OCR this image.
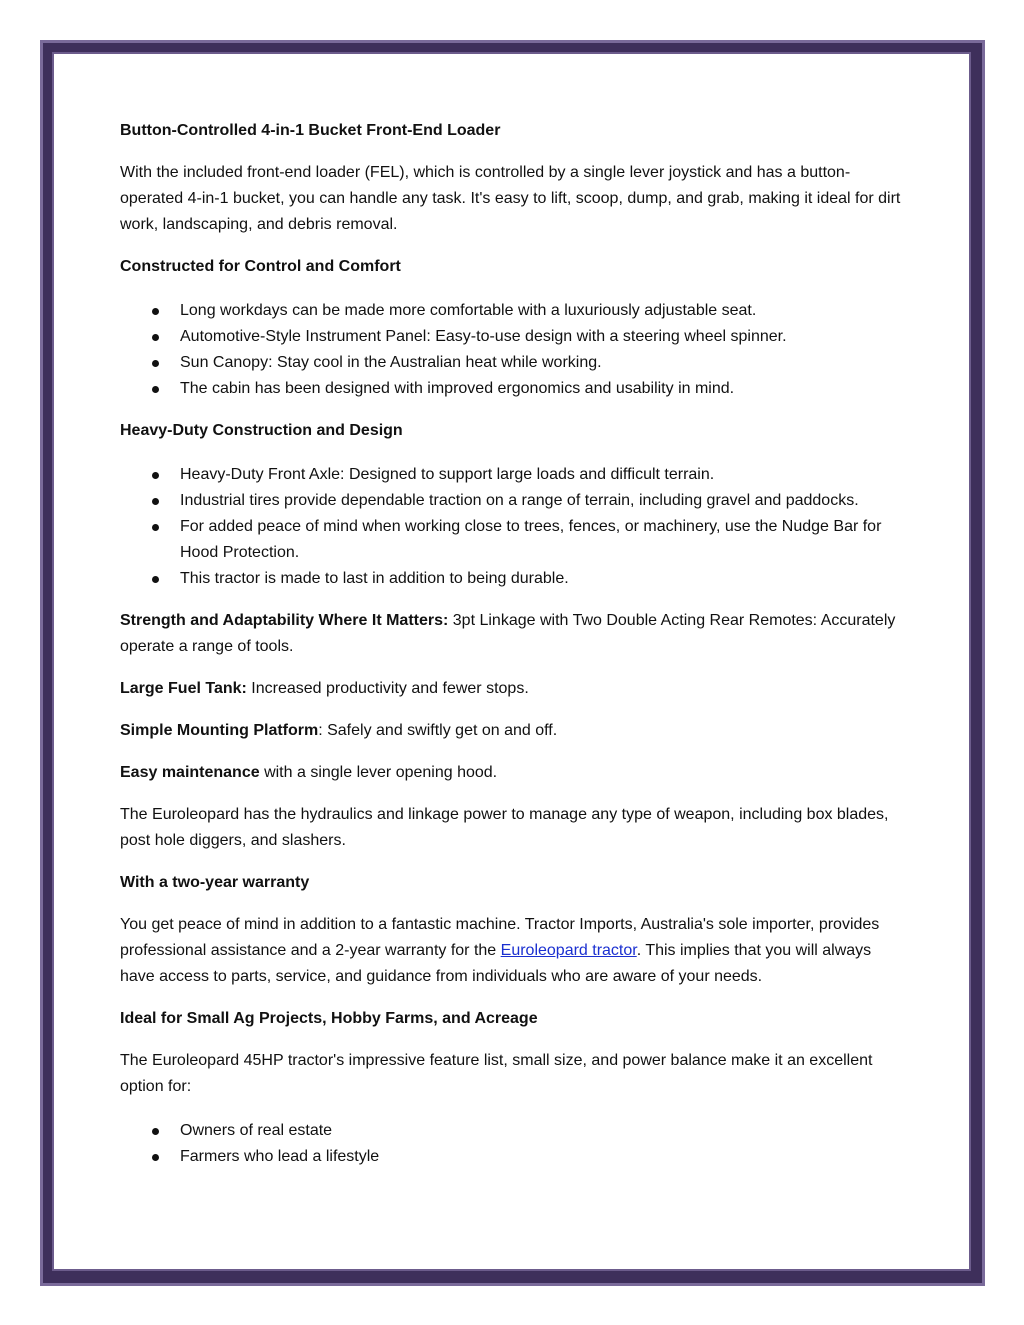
Button-Controlled 4-in-1 Bucket Front-End Loader

With the included front-end loader (FEL), which is controlled by a single lever joystick and has a button-operated 4-in-1 bucket, you can handle any task. It's easy to lift, scoop, dump, and grab, making it ideal for dirt work, landscaping, and debris removal.

Constructed for Control and Comfort

Long workdays can be made more comfortable with a luxuriously adjustable seat.
Automotive-Style Instrument Panel: Easy-to-use design with a steering wheel spinner.
Sun Canopy: Stay cool in the Australian heat while working.
The cabin has been designed with improved ergonomics and usability in mind.

Heavy-Duty Construction and Design

Heavy-Duty Front Axle: Designed to support large loads and difficult terrain.
Industrial tires provide dependable traction on a range of terrain, including gravel and paddocks.
For added peace of mind when working close to trees, fences, or machinery, use the Nudge Bar for Hood Protection.
This tractor is made to last in addition to being durable.

Strength and Adaptability Where It Matters: 3pt Linkage with Two Double Acting Rear Remotes: Accurately operate a range of tools.

Large Fuel Tank: Increased productivity and fewer stops.

Simple Mounting Platform: Safely and swiftly get on and off.

Easy maintenance with a single lever opening hood.

The Euroleopard has the hydraulics and linkage power to manage any type of weapon, including box blades, post hole diggers, and slashers.

With a two-year warranty

You get peace of mind in addition to a fantastic machine. Tractor Imports, Australia's sole importer, provides professional assistance and a 2-year warranty for the Euroleopard tractor. This implies that you will always have access to parts, service, and guidance from individuals who are aware of your needs.

Ideal for Small Ag Projects, Hobby Farms, and Acreage

The Euroleopard 45HP tractor's impressive feature list, small size, and power balance make it an excellent option for:

Owners of real estate
Farmers who lead a lifestyle
